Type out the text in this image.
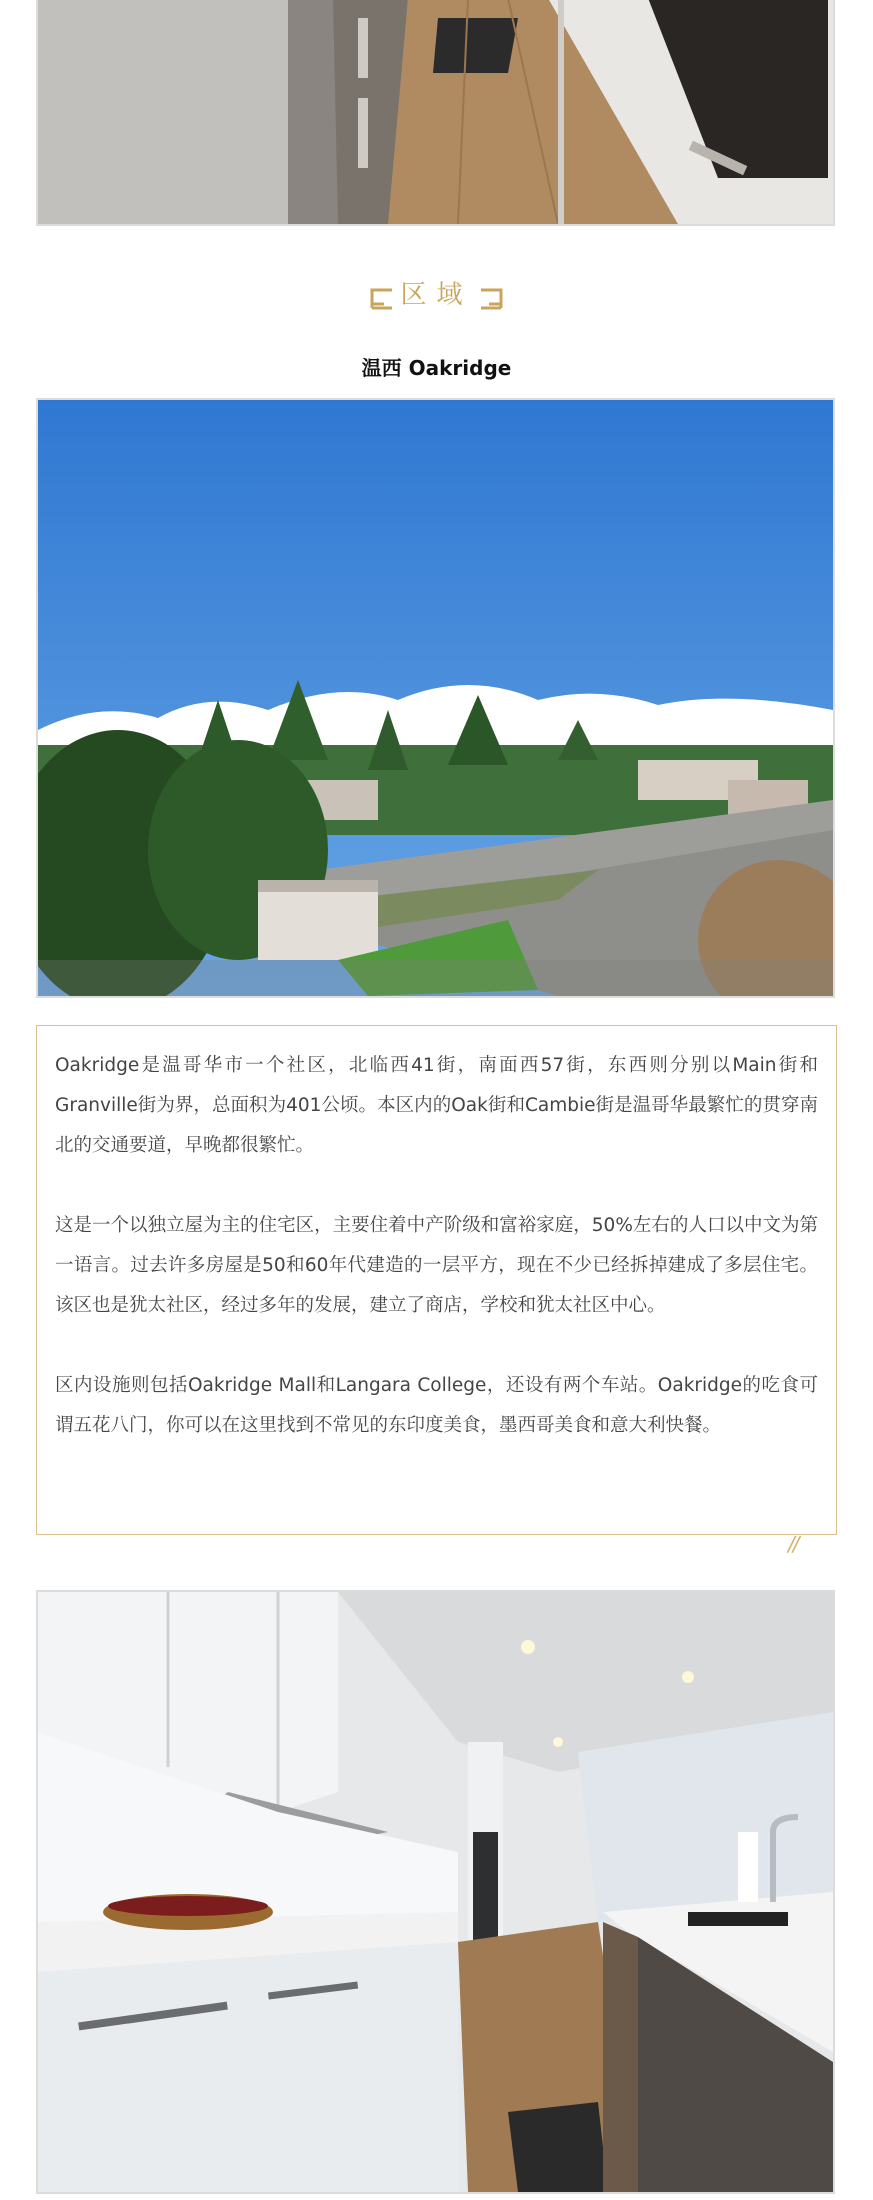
区域
温西 Oakridge

Oakridge是温哥华市一个社区，北临西41街，南面西57街，东西则分别以Main街和Granville街为界，总面积为401公顷。本区内的Oak街和Cambie街是温哥华最繁忙的贯穿南北的交通要道，早晚都很繁忙。

这是一个以独立屋为主的住宅区，主要住着中产阶级和富裕家庭，50%左右的人口以中文为第一语言。过去许多房屋是50和60年代建造的一层平方，现在不少已经拆掉建成了多层住宅。该区也是犹太社区，经过多年的发展，建立了商店，学校和犹太社区中心。

区内设施则包括Oakridge Mall和Langara College，还设有两个车站。Oakridge的吃食可谓五花八门，你可以在这里找到不常见的东印度美食，墨西哥美食和意大利快餐。

//
